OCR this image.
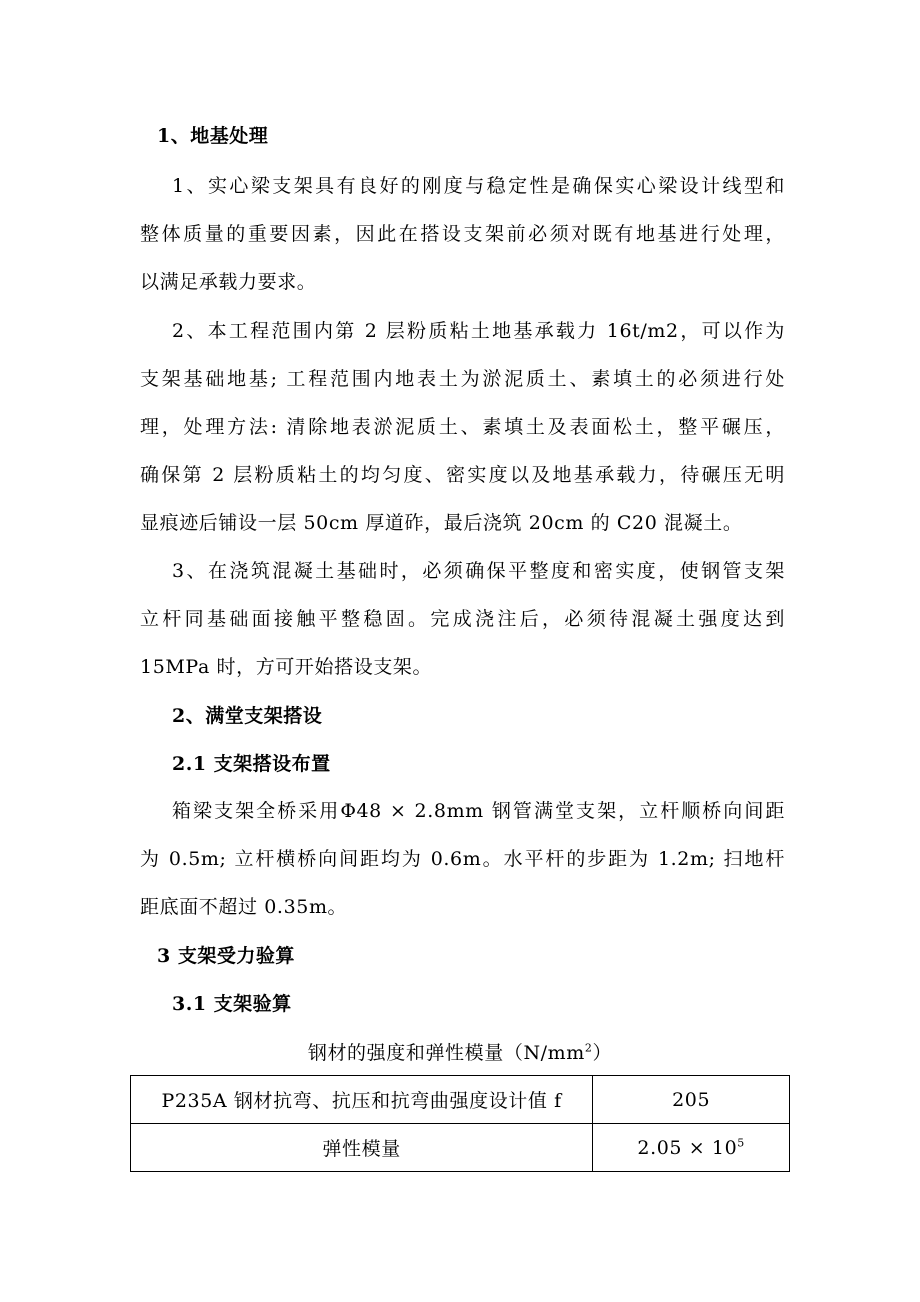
1、地基处理
1、实心梁支架具有良好的刚度与稳定性是确保实心梁设计线型和
整体质量的重要因素，因此在搭设支架前必须对既有地基进行处理，
以满足承载力要求。
2、本工程范围内第 2 层粉质粘土地基承载力 16t/m2，可以作为
支架基础地基; 工程范围内地表土为淤泥质土、素填土的必须进行处
理，处理方法: 清除地表淤泥质土、素填土及表面松土，整平碾压，
确保第 2 层粉质粘土的均匀度、密实度以及地基承载力，待碾压无明
显痕迹后铺设一层 50cm 厚道砟，最后浇筑 20cm 的 C20 混凝土。
3、在浇筑混凝土基础时，必须确保平整度和密实度，使钢管支架
立杆同基础面接触平整稳固。完成浇注后，必须待混凝土强度达到
15MPa 时，方可开始搭设支架。
2、满堂支架搭设
2.1 支架搭设布置
箱梁支架全桥采用Φ48 × 2.8mm 钢管满堂支架，立杆顺桥向间距
为 0.5m; 立杆横桥向间距均为 0.6m。水平杆的步距为 1.2m; 扫地杆
距底面不超过 0.35m。
3 支架受力验算
3.1 支架验算
钢材的强度和弹性模量$(N/mm^2)$
P235A 钢材抗弯、抗压和抗弯曲强度设计值 f	205
弹性模量	$2.05 \times 10^5$
